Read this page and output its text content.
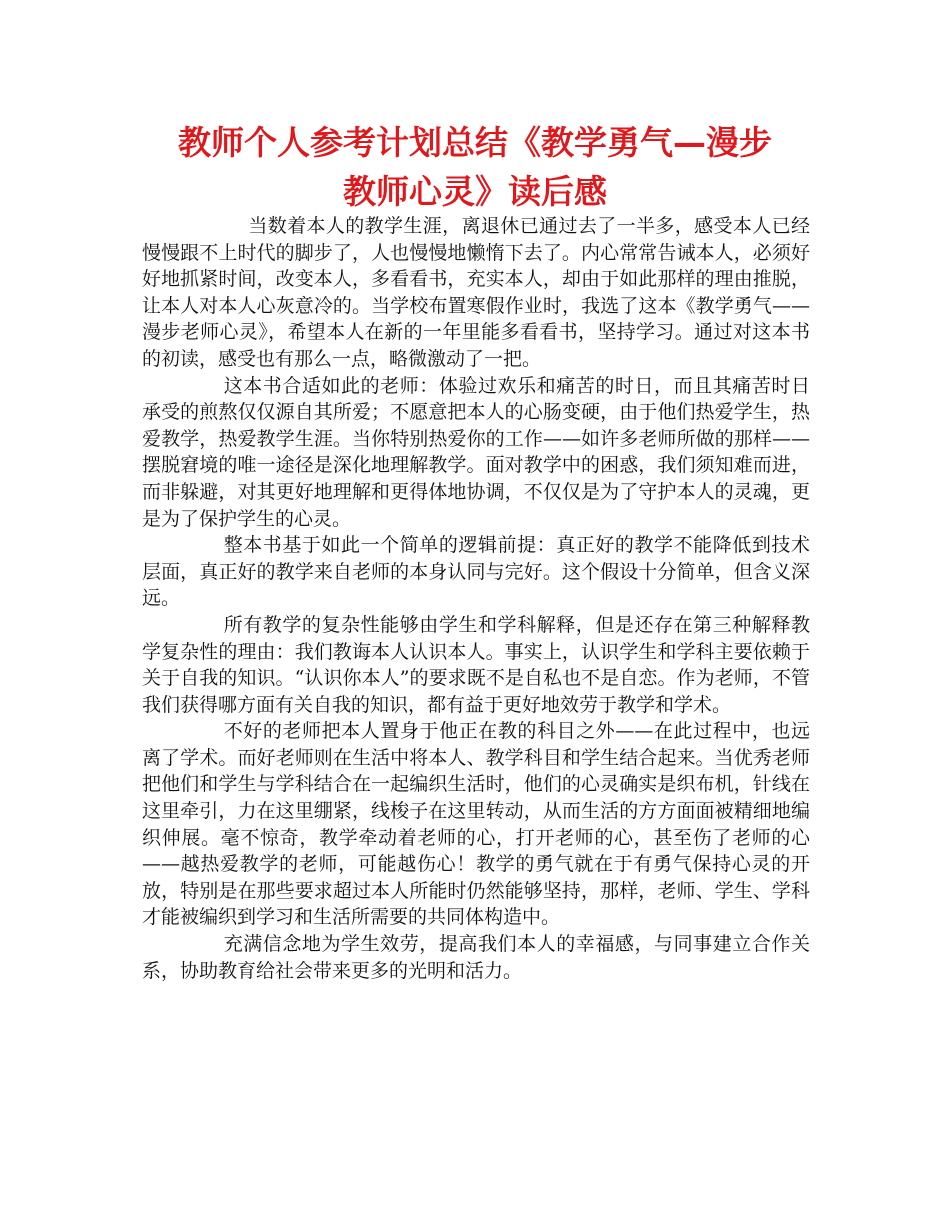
教师个人参考计划总结《教学勇气—漫步
教师心灵》读后感

当数着本人的教学生涯，离退休已通过去了一半多，感受本人已经慢慢跟不上时代的脚步了，人也慢慢地懒惰下去了。内心常常告诫本人，必须好好地抓紧时间，改变本人，多看看书，充实本人，却由于如此那样的理由推脱，让本人对本人心灰意冷的。当学校布置寒假作业时，我选了这本《教学勇气——漫步老师心灵》，希望本人在新的一年里能多看看书，坚持学习。通过对这本书的初读，感受也有那么一点，略微激动了一把。

这本书合适如此的老师：体验过欢乐和痛苦的时日，而且其痛苦时日承受的煎熬仅仅源自其所爱；不愿意把本人的心肠变硬，由于他们热爱学生，热爱教学，热爱教学生涯。当你特别热爱你的工作——如许多老师所做的那样——摆脱窘境的唯一途径是深化地理解教学。面对教学中的困惑，我们须知难而进，而非躲避，对其更好地理解和更得体地协调，不仅仅是为了守护本人的灵魂，更是为了保护学生的心灵。

整本书基于如此一个简单的逻辑前提：真正好的教学不能降低到技术层面，真正好的教学来自老师的本身认同与完好。这个假设十分简单，但含义深远。

所有教学的复杂性能够由学生和学科解释，但是还存在第三种解释教学复杂性的理由：我们教诲本人认识本人。事实上，认识学生和学科主要依赖于关于自我的知识。“认识你本人”的要求既不是自私也不是自恋。作为老师，不管我们获得哪方面有关自我的知识，都有益于更好地效劳于教学和学术。

不好的老师把本人置身于他正在教的科目之外——在此过程中，也远离了学术。而好老师则在生活中将本人、教学科目和学生结合起来。当优秀老师把他们和学生与学科结合在一起编织生活时，他们的心灵确实是织布机，针线在这里牵引，力在这里绷紧，线梭子在这里转动，从而生活的方方面面被精细地编织伸展。毫不惊奇，教学牵动着老师的心，打开老师的心，甚至伤了老师的心——越热爱教学的老师，可能越伤心！教学的勇气就在于有勇气保持心灵的开放，特别是在那些要求超过本人所能时仍然能够坚持，那样，老师、学生、学科才能被编织到学习和生活所需要的共同体构造中。

充满信念地为学生效劳，提高我们本人的幸福感，与同事建立合作关系，协助教育给社会带来更多的光明和活力。
